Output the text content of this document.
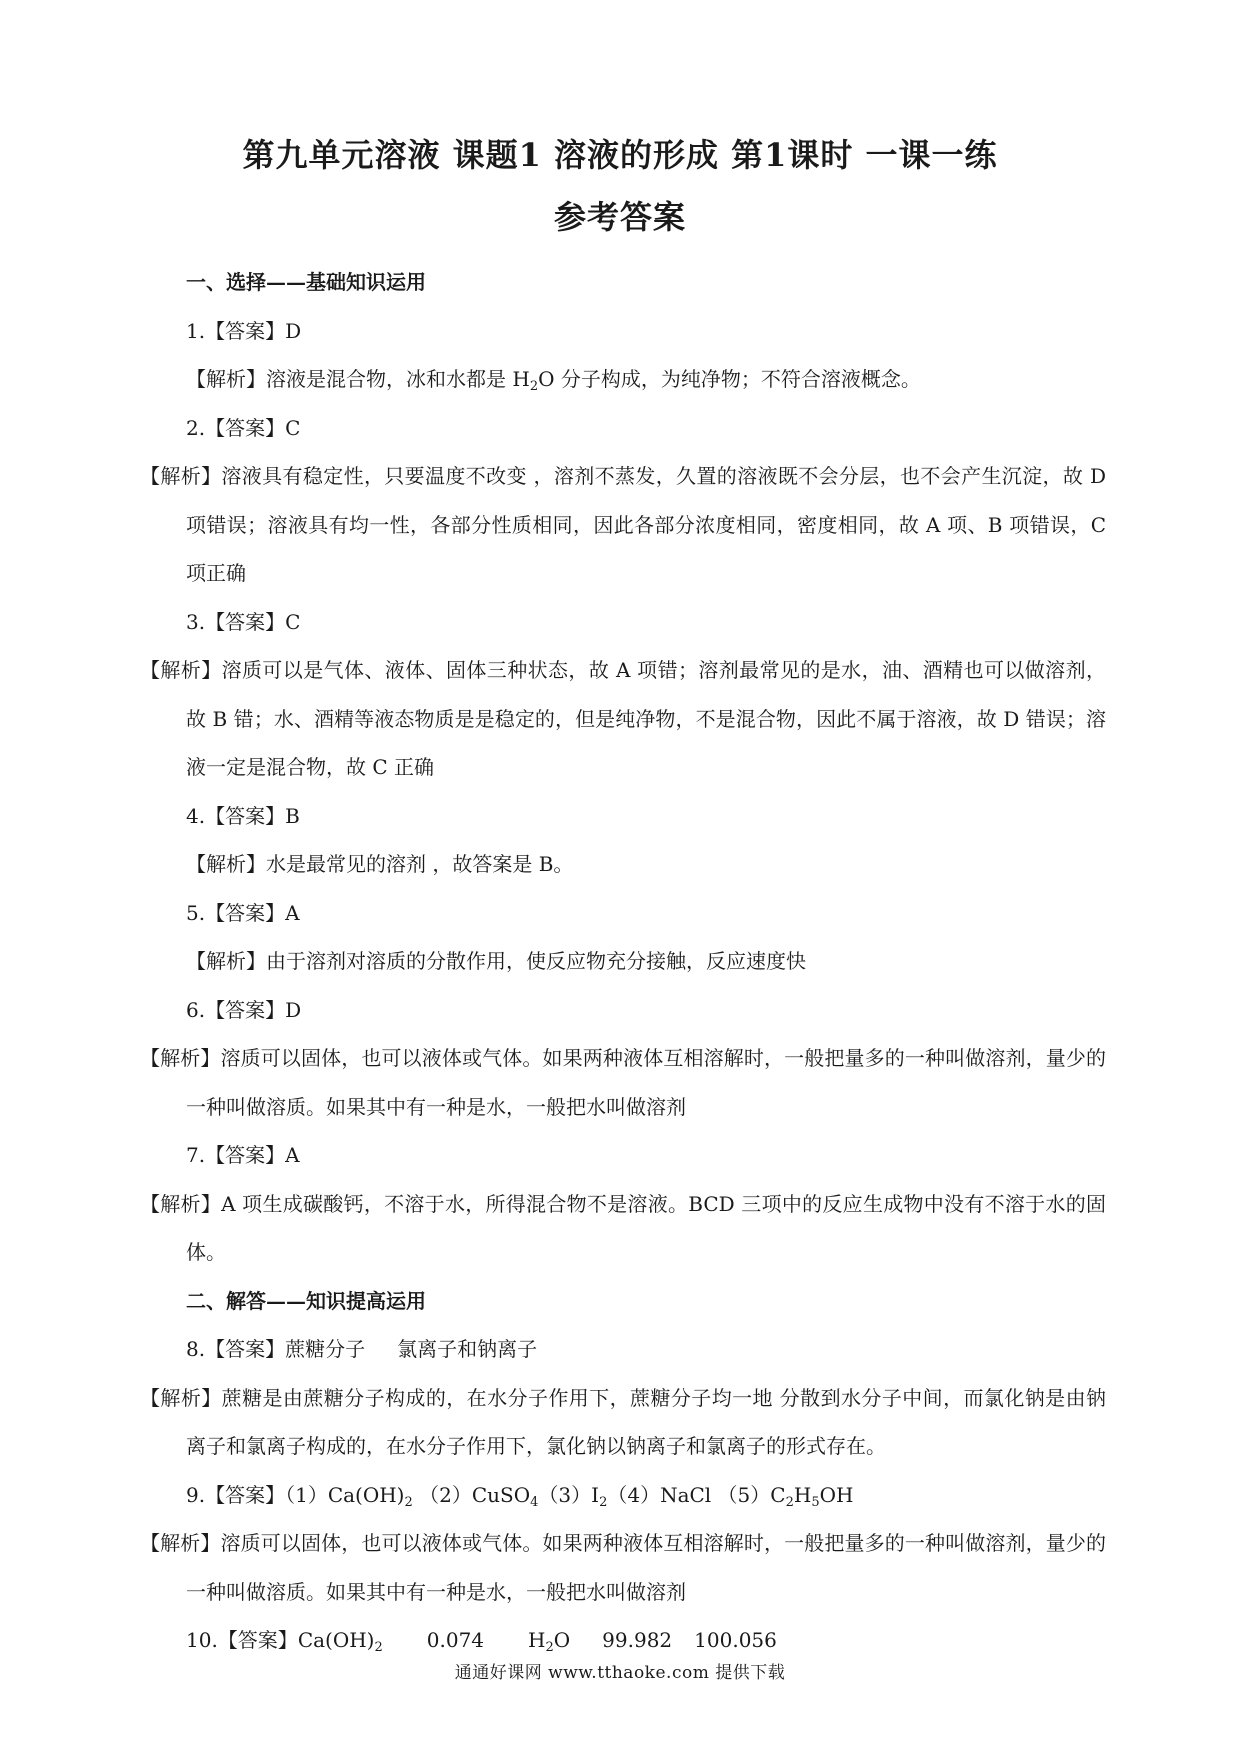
第九单元溶液 课题1 溶液的形成 第1课时 一课一练
参考答案

一、选择——基础知识运用

1.【答案】D

【解析】溶液是混合物，冰和水都是 $H_2O$ 分子构成，为纯净物；不符合溶液概念。

2.【答案】C

【解析】溶液具有稳定性，只要温度不改变 ，溶剂不蒸发，久置的溶液既不会分层，也不会产生沉淀，故 D 项错误；溶液具有均一性，各部分性质相同，因此各部分浓度相同，密度相同，故 A 项、B 项错误，C 项正确

3.【答案】C

【解析】溶质可以是气体、液体、固体三种状态，故 A 项错；溶剂最常见的是水，油、酒精也可以做溶剂，故 B 错；水、酒精等液态物质是是稳定的，但是纯净物，不是混合物，因此不属于溶液，故 D 错误；溶液一定是混合物，故 C 正确

4.【答案】B

【解析】水是最常见的溶剂 ，故答案是 B。

5.【答案】A

【解析】由于溶剂对溶质的分散作用，使反应物充分接触，反应速度快

6.【答案】D

【解析】溶质可以固体，也可以液体或气体。如果两种液体互相溶解时，一般把量多的一种叫做溶剂，量少的一种叫做溶质。如果其中有一种是水，一般把水叫做溶剂

7.【答案】A

【解析】A 项生成碳酸钙，不溶于水，所得混合物不是溶液。BCD 三项中的反应生成物中没有不溶于水的固体。

二、解答——知识提高运用

8.【答案】蔗糖分子 氯离子和钠离子

【解析】蔗糖是由蔗糖分子构成的，在水分子作用下，蔗糖分子均一地 分散到水分子中间，而氯化钠是由钠离子和氯离子构成的，在水分子作用下，氯化钠以钠离子和氯离子的形式存在。

9.【答案】$(1)Ca(OH)_2$ $(2)CuSO_4(3)I_2(4)NaCl$ $(5)C_2H_5OH$

【解析】溶质可以固体，也可以液体或气体。如果两种液体互相溶解时，一般把量多的一种叫做溶剂，量少的一种叫做溶质。如果其中有一种是水，一般把水叫做溶剂

10.【答案】$Ca(OH)_2$ 0.074 $H_2O$ 99.982 100.056

通通好课网 www.tthaoke.com 提供下载
